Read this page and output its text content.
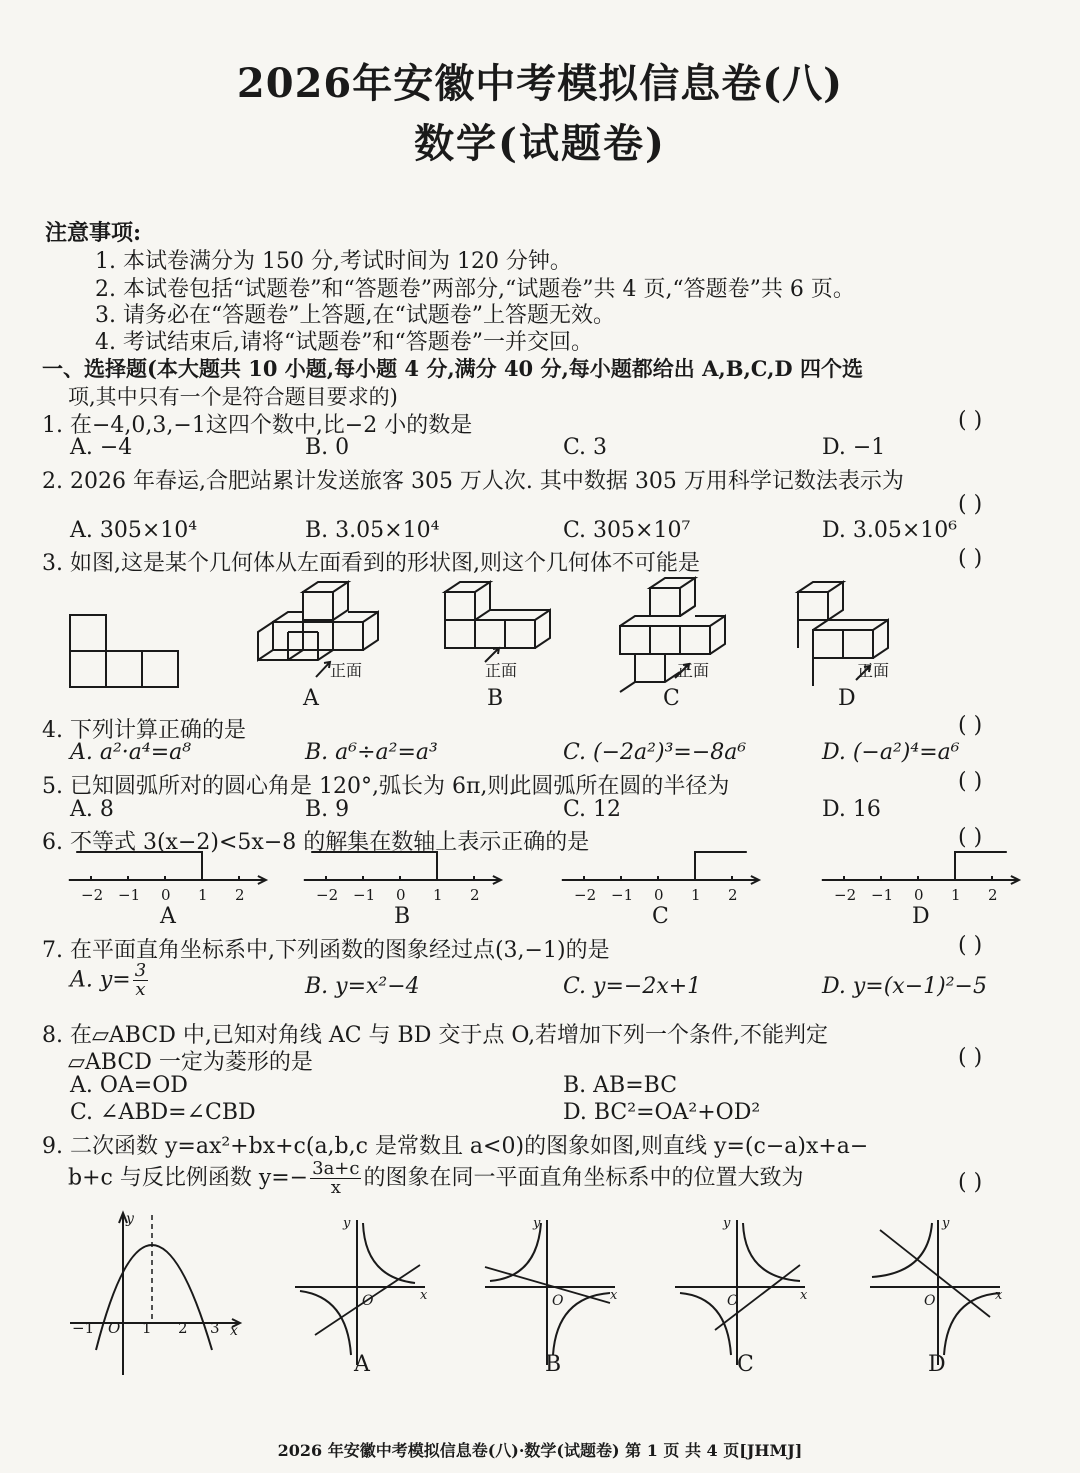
2026年安徽中考模拟信息卷(八)
数学(试题卷)
注意事项:
1. 本试卷满分为 150 分,考试时间为 120 分钟。
2. 本试卷包括“试题卷”和“答题卷”两部分,“试题卷”共 4 页,“答题卷”共 6 页。
3. 请务必在“答题卷”上答题,在“试题卷”上答题无效。
4. 考试结束后,请将“试题卷”和“答题卷”一并交回。
一、选择题(本大题共 10 小题,每小题 4 分,满分 40 分,每小题都给出 A,B,C,D 四个选
项,其中只有一个是符合题目要求的)
1. 在−4,0,3,−1这四个数中,比−2 小的数是	( )
A. −4	B. 0	C. 3	D. −1
2. 2026 年春运,合肥站累计发送旅客 305 万人次. 其中数据 305 万用科学记数法表示为
( )
A. 305×10⁴	B. 3.05×10⁴	C. 305×10⁷	D. 3.05×10⁶
3. 如图,这是某个几何体从左面看到的形状图,则这个几何体不可能是	( )
正面	正面	正面	正面
A	B	C	D
4. 下列计算正确的是	( )
A. a²·a⁴=a⁸	B. a⁶÷a²=a³	C. (−2a²)³=−8a⁶	D. (−a²)⁴=a⁶
5. 已知圆弧所对的圆心角是 120°,弧长为 6π,则此圆弧所在圆的半径为	( )
A. 8	B. 9	C. 12	D. 16
6. 不等式 3(x−2)<5x−8 的解集在数轴上表示正确的是	( )
−2 −1 0 1 2	−2 −1 0 1 2	−2 −1 0 1 2	−2 −1 0 1 2
A	B	C	D
7. 在平面直角坐标系中,下列函数的图象经过点(3,−1)的是	( )
A. $y= \frac{3}{x}$	B. y=x²−4	C. y=−2x+1	D. y=(x−1)²−5
8. 在▱ABCD 中,已知对角线 AC 与 BD 交于点 O,若增加下列一个条件,不能判定
▱ABCD 一定为菱形的是	( )
A. OA=OD	B. AB=BC
C. ∠ABD=∠CBD	D. BC²=OA²+OD²
9. 二次函数 y=ax²+bx+c(a,b,c 是常数且 a<0)的图象如图,则直线 y=(c−a)x+a−
b+c 与反比例函数 $y=- \frac{3a+c}{x}$ 的图象在同一平面直角坐标系中的位置大致为	( )
y
x
−1 O 1 2 3
y
x
O
y
x
O
y
x
O
y
x
O
A	B	C	D
2026 年安徽中考模拟信息卷(八)·数学(试题卷) 第 1 页 共 4 页[JHMJ]
